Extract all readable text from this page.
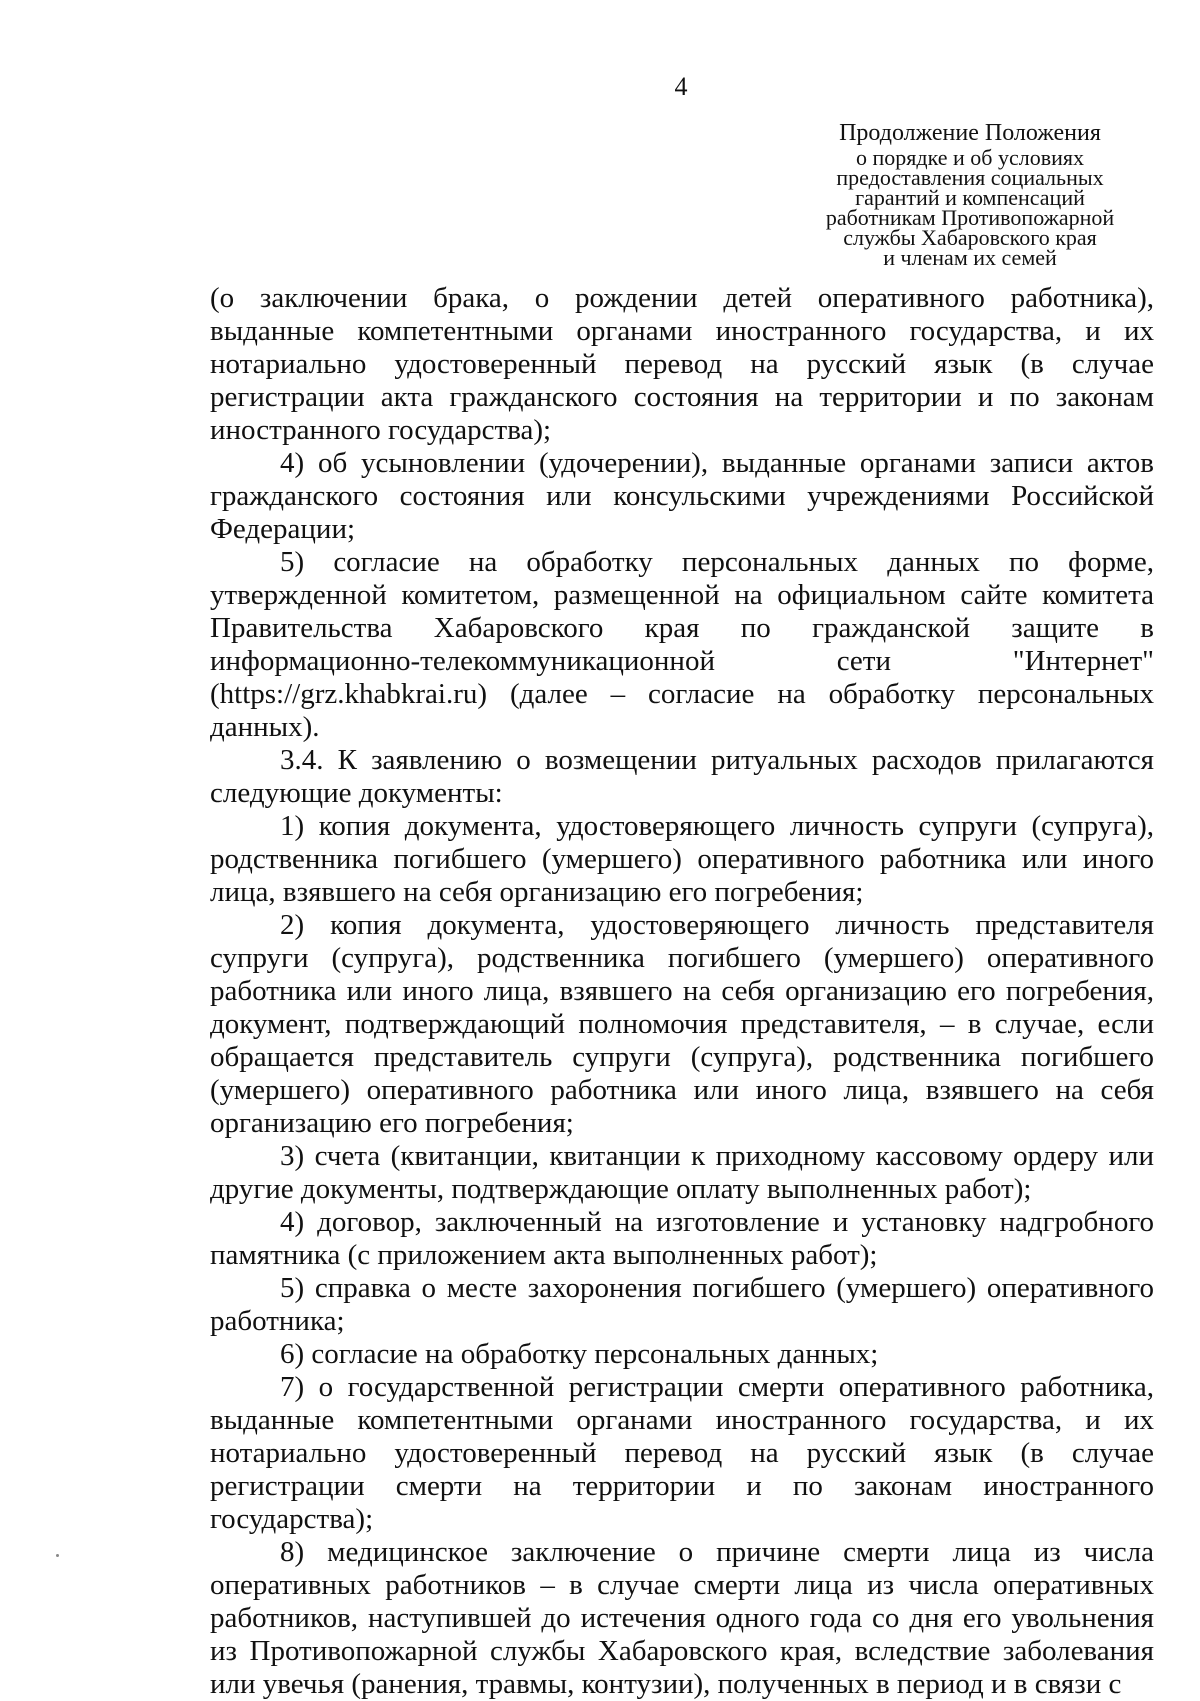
4
Продолжение Положения
о порядке и об условиях
предоставления социальных
гарантий и компенсаций
работникам Противопожарной
службы Хабаровского края
и членам их семей

(о заключении брака, о рождении детей оперативного работника), выданные компетентными органами иностранного государства, и их нотариально удостоверенный перевод на русский язык (в случае регистрации акта гражданского состояния на территории и по законам иностранного государства);

4) об усыновлении (удочерении), выданные органами записи актов гражданского состояния или консульскими учреждениями Российской Федерации;

5) согласие на обработку персональных данных по форме, утвержденной комитетом, размещенной на официальном сайте комитета Правительства Хабаровского края по гражданской защите в информационно-телекоммуникационной сети "Интернет" (https://grz.khabkrai.ru) (далее – согласие на обработку персональных данных).

3.4. К заявлению о возмещении ритуальных расходов прилагаются следующие документы:

1) копия документа, удостоверяющего личность супруги (супруга), родственника погибшего (умершего) оперативного работника или иного лица, взявшего на себя организацию его погребения;

2) копия документа, удостоверяющего личность представителя супруги (супруга), родственника погибшего (умершего) оперативного работника или иного лица, взявшего на себя организацию его погребения, документ, подтверждающий полномочия представителя, – в случае, если обращается представитель супруги (супруга), родственника погибшего (умершего) оперативного работника или иного лица, взявшего на себя организацию его погребения;

3) счета (квитанции, квитанции к приходному кассовому ордеру или другие документы, подтверждающие оплату выполненных работ);

4) договор, заключенный на изготовление и установку надгробного памятника (с приложением акта выполненных работ);

5) справка о месте захоронения погибшего (умершего) оперативного работника;

6) согласие на обработку персональных данных;

7) о государственной регистрации смерти оперативного работника, выданные компетентными органами иностранного государства, и их нотариально удостоверенный перевод на русский язык (в случае регистрации смерти на территории и по законам иностранного государства);

8) медицинское заключение о причине смерти лица из числа оперативных работников – в случае смерти лица из числа оперативных работников, наступившей до истечения одного года со дня его увольнения из Противопожарной службы Хабаровского края, вследствие заболевания или увечья (ранения, травмы, контузии), полученных в период и в связи с
